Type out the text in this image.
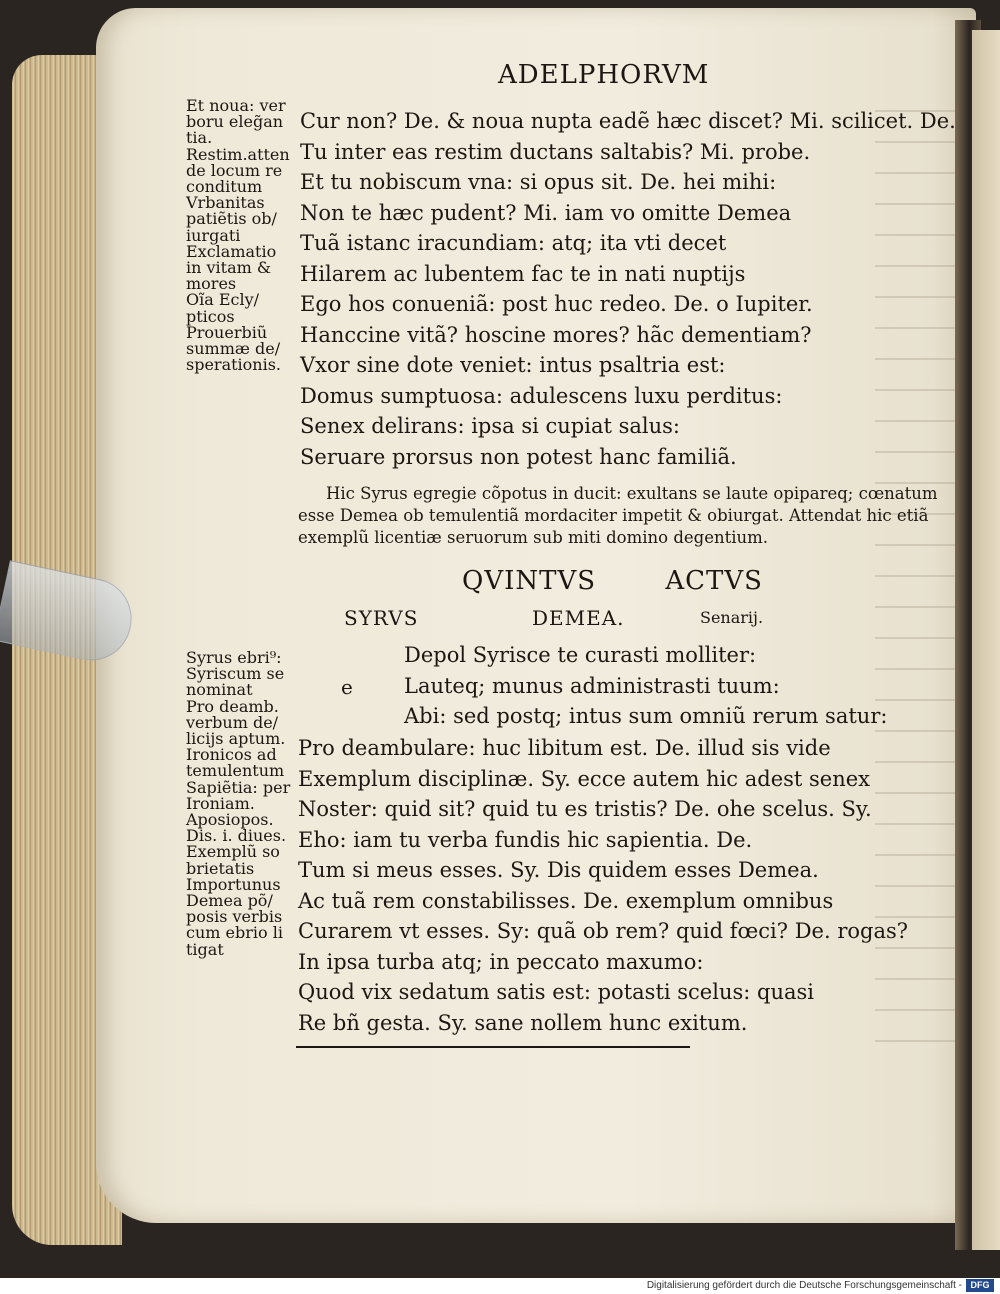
ADELPHORVM
Et noua: ver
boru eleg̃an
tia.
Restim.atten
de locum re
conditum
Vrbanitas
patiẽtis ob/
iurgati
Exclamatio
in vitam &
mores
Oĩa Ecly/
pticos
Prouerbiũ
summæ de/
sperationis.
Cur non? De. & noua nupta eadẽ hæc discet? Mi. scilicet. De.
Tu inter eas restim ductans saltabis? Mi. probe.
Et tu nobiscum vna: si opus sit. De. hei mihi:
Non te hæc pudent? Mi. iam vo omitte Demea
Tuã istanc iracundiam: atq; ita vti decet
Hilarem ac lubentem fac te in nati nuptijs
Ego hos conueniã: post huc redeo. De. o Iupiter.
Hanccine vitã? hoscine mores? hãc dementiam?
Vxor sine dote veniet: intus psaltria est:
Domus sumptuosa: adulescens luxu perditus:
Senex delirans: ipsa si cupiat salus:
Seruare prorsus non potest hanc familiã.
Hic Syrus egregie cõpotus in ducit: exultans se laute opipareq; cœnatum
esse Demea ob temulentiã mordaciter impetit & obiurgat. Attendat hic etiã
exemplũ licentiæ seruorum sub miti domino degentium.
QVINTVS	ACTVS
SYRVS	DEMEA.	Senarij.
e
Syrus ebri⁹:
Syriscum se
nominat
Pro deamb.
verbum de/
licijs aptum.
Ironicos ad
temulentum
Sapiẽtia: per
Ironiam.
Aposiopos.
Dis. i. diues.
Exemplũ so
brietatis
Importunus
Demea põ/
posis verbis
cum ebrio li
tigat
Depol Syrisce te curasti molliter:
Lauteq; munus administrasti tuum:
Abi: sed postq; intus sum omniũ rerum satur:
Pro deambulare: huc libitum est. De. illud sis vide
Exemplum disciplinæ. Sy. ecce autem hic adest senex
Noster: quid sit? quid tu es tristis? De. ohe scelus. Sy.
Eho: iam tu verba fundis hic sapientia. De.
Tum si meus esses. Sy. Dis quidem esses Demea.
Ac tuã rem constabilisses. De. exemplum omnibus
Curarem vt esses. Sy: quã ob rem? quid fœci? De. rogas?
In ipsa turba atq; in peccato maxumo:
Quod vix sedatum satis est: potasti scelus: quasi
Re bñ gesta. Sy. sane nollem hunc exitum.
Digitalisierung gefördert durch die Deutsche Forschungsgemeinschaft - DFG
